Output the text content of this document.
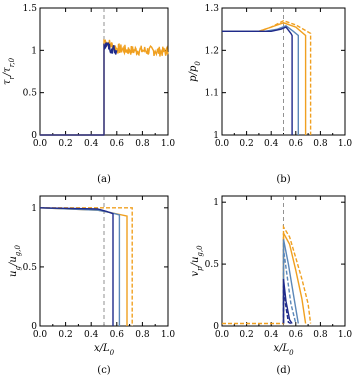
0.0 0.2 0.4 0.6 0.8 1.0
0
0.5
1
1.5
$\tau_r/\tau_{r,0}$
(a)
0.0 0.2 0.4 0.6 0.8 1.0
1
1.1
1.2
1.3
$p/p_0$
(b)
0.0 0.2 0.4 0.6 0.8 1.0
0
0.5
1
$u_g/u_{g,0}$
$x/L_0$
(c)
0.0 0.2 0.4 0.6 0.8 1.0
0
0.5
1
$v_p/u_{g,0}$
$x/L_0$
(d)
